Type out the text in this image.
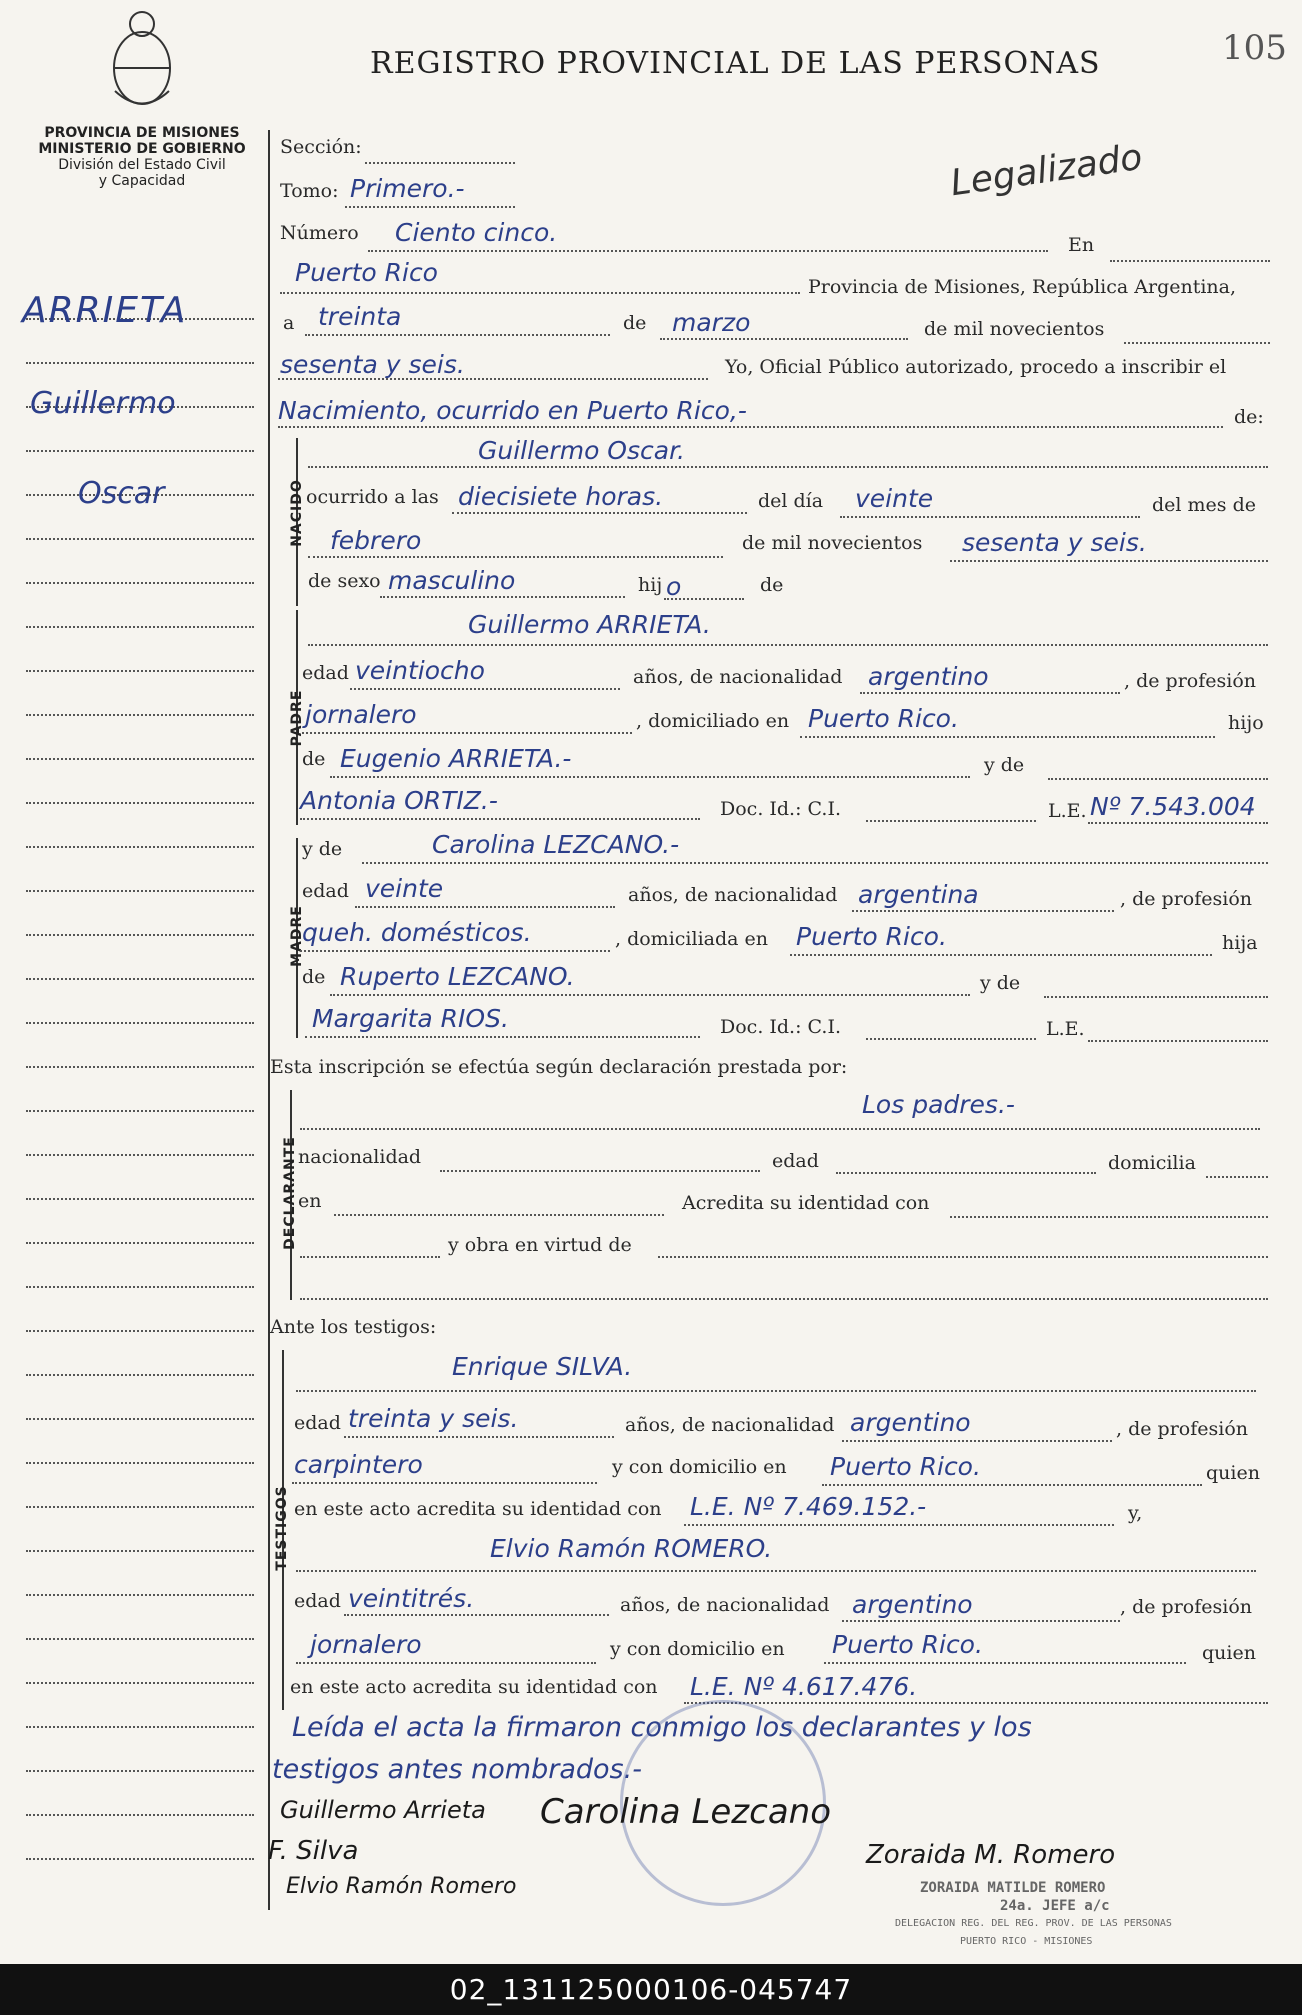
REGISTRO PROVINCIAL DE LAS PERSONAS	105
Legalizado
PROVINCIA DE MISIONES
MINISTERIO DE GOBIERNO
División del Estado Civil
y Capacidad
ARRIETA
Guillermo
Oscar
Sección:
Tomo: Primero.-
Número Ciento cinco.	En
Puerto Rico	Provincia de Misiones, República Argentina,
a treinta	de marzo	de mil novecientos
sesenta y seis.	Yo, Oficial Público autorizado, procedo a inscribir el
Nacimiento, ocurrido en Puerto Rico,-	de:
NACIDO
Guillermo Oscar.
ocurrido a las diecisiete horas.	del día veinte	del mes de
febrero	de mil novecientos sesenta y seis.
de sexo masculino	hij o	de
PADRE
Guillermo ARRIETA.
edad veintiocho	años, de nacionalidad argentino	, de profesión
jornalero	, domiciliado en Puerto Rico.	hijo
de Eugenio ARRIETA.-	y de
Antonia ORTIZ.-	Doc. Id.: C.I.	L.E. Nº 7.543.004
MADRE
y de	Carolina LEZCANO.-
edad veinte	años, de nacionalidad argentina	, de profesión
queh. domésticos.	, domiciliada en Puerto Rico.	hija
de Ruperto LEZCANO.	y de
Margarita RIOS.	Doc. Id.: C.I.	L.E.
Esta inscripción se efectúa según declaración prestada por:
DECLARANTE
Los padres.-
nacionalidad	edad	domicilia
en	Acredita su identidad con
y obra en virtud de
Ante los testigos:
TESTIGOS
Enrique SILVA.
edad treinta y seis.	años, de nacionalidad argentino	, de profesión
carpintero	y con domicilio en Puerto Rico.	quien
en este acto acredita su identidad con L.E. Nº 7.469.152.-	y,
Elvio Ramón ROMERO.
edad veintitrés.	años, de nacionalidad argentino	, de profesión
jornalero	y con domicilio en Puerto Rico.	quien
en este acto acredita su identidad con L.E. Nº 4.617.476.
Leída el acta la firmaron conmigo los declarantes y los
testigos antes nombrados.-
Guillermo Arrieta Carolina Lezcano
F. Silva
Elvio Ramón Romero
Zoraida M. Romero
ZORAIDA MATILDE ROMERO
24a. JEFE a/c
DELEGACION REG. DEL REG. PROV. DE LAS PERSONAS
PUERTO RICO - MISIONES
02_131125000106-045747
